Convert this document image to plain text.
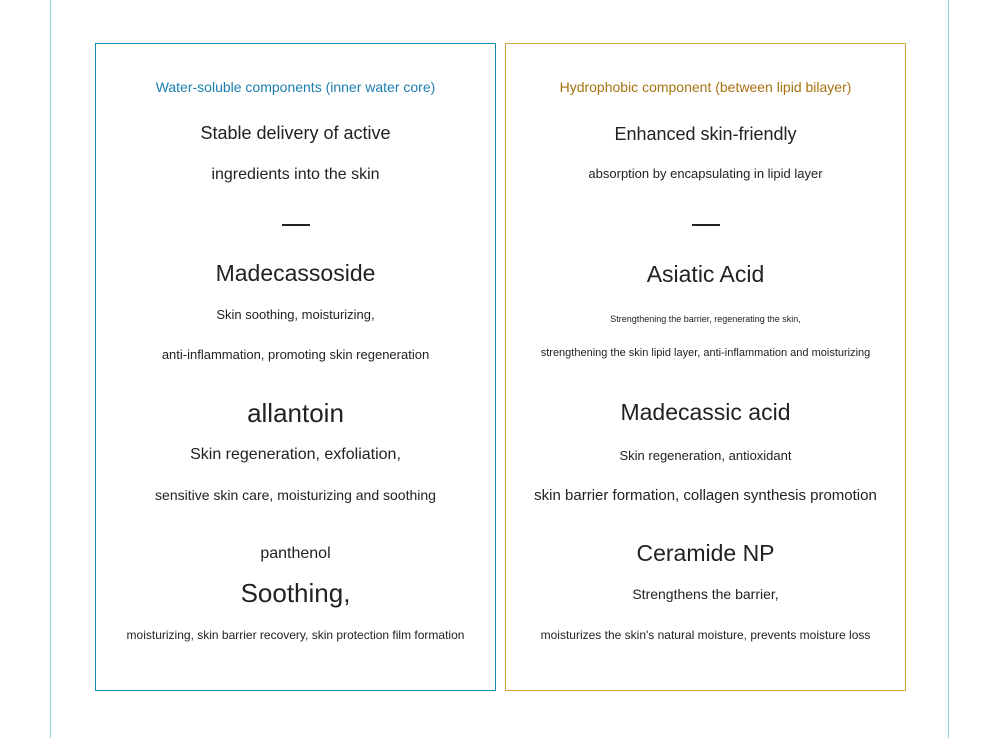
Water-soluble components (inner water core)

Stable delivery of active

ingredients into the skin

Madecassoside

Skin soothing, moisturizing,

anti-inflammation, promoting skin regeneration

allantoin

Skin regeneration, exfoliation,

sensitive skin care, moisturizing and soothing

panthenol

Soothing,

moisturizing, skin barrier recovery, skin protection film formation

Hydrophobic component (between lipid bilayer)

Enhanced skin-friendly

absorption by encapsulating in lipid layer

Asiatic Acid

Strengthening the barrier, regenerating the skin,

strengthening the skin lipid layer, anti-inflammation and moisturizing

Madecassic acid

Skin regeneration, antioxidant

skin barrier formation, collagen synthesis promotion

Ceramide NP

Strengthens the barrier,

moisturizes the skin's natural moisture, prevents moisture loss
